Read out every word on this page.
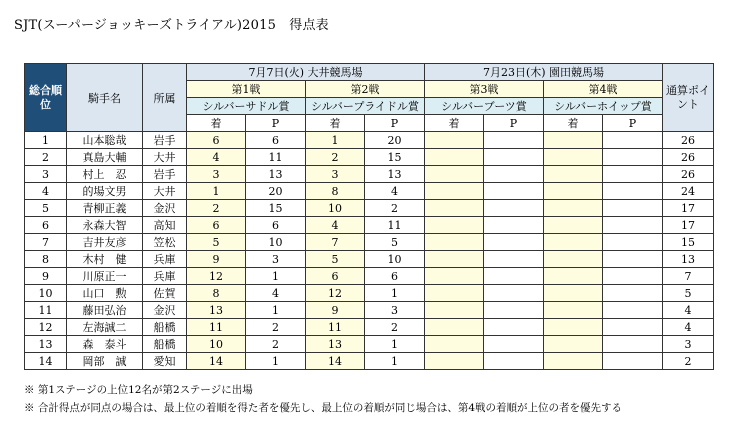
SJT(スーパージョッキーズトライアル)2015　得点表
総合順位	騎手名	所属	7月7日(火) 大井競馬場				7月23日(木) 園田競馬場				通算ポイント
			第1戦		第2戦		第3戦		第4戦		
			シルバーサドル賞		シルバープライドル賞		シルバーブーツ賞		シルバーホイップ賞		
			着	P	着	P	着	P	着	P	
1	山本聡哉	岩手	6	6	1	20					26
2	真島大輔	大井	4	11	2	15					26
3	村上　忍	岩手	3	13	3	13					26
4	的場文男	大井	1	20	8	4					24
5	青柳正義	金沢	2	15	10	2					17
6	永森大智	高知	6	6	4	11					17
7	吉井友彦	笠松	5	10	7	5					15
8	木村　健	兵庫	9	3	5	10					13
9	川原正一	兵庫	12	1	6	6					7
10	山口　勲	佐賀	8	4	12	1					5
11	藤田弘治	金沢	13	1	9	3					4
12	左海誠二	船橋	11	2	11	2					4
13	森　泰斗	船橋	10	2	13	1					3
14	岡部　誠	愛知	14	1	14	1					2
※ 第1ステージの上位12名が第2ステージに出場
※ 合計得点が同点の場合は、最上位の着順を得た者を優先し、最上位の着順が同じ場合は、第4戦の着順が上位の者を優先する
